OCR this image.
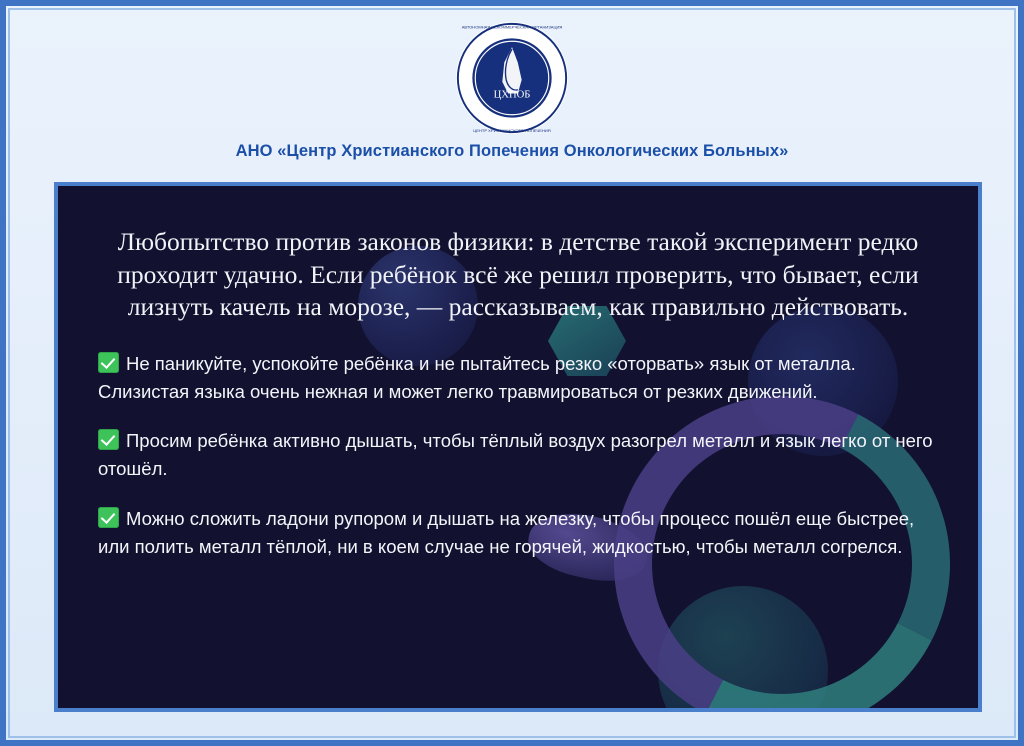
ЦХПОБ
АВТОНОМНАЯ НЕКОММЕРЧЕСКАЯ ОРГАНИЗАЦИЯ
ЦЕНТР ХРИСТИАНСКОГО ПОПЕЧЕНИЯ
АНО «Центр Христианского Попечения Онкологических Больных»

Любопытство против законов физики: в детстве такой эксперимент редко проходит удачно. Если ребёнок всё же решил проверить, что бывает, если лизнуть качель на морозе, — рассказываем, как правильно действовать.

Не паникуйте, успокойте ребёнка и не пытайтесь резко «оторвать» язык от металла. Слизистая языка очень нежная и может легко травмироваться от резких движений.

Просим ребёнка активно дышать, чтобы тёплый воздух разогрел металл и язык легко от него отошёл.

Можно сложить ладони рупором и дышать на железку, чтобы процесс пошёл еще быстрее, или полить металл тёплой, ни в коем случае не горячей, жидкостью, чтобы металл согрелся.
